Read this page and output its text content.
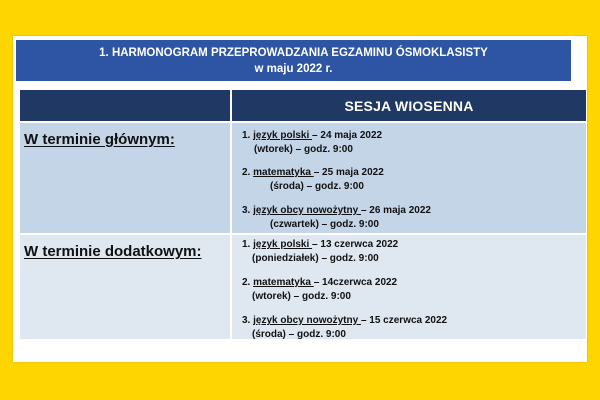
1. HARMONOGRAM PRZEPROWADZANIA EGZAMINU ÓSMOKLASISTY
w maju 2022 r.
SESJA WIOSENNA
W terminie głównym:	1. język polski – 24 maja 2022
(wtorek) – godz. 9:00
2. matematyka – 25 maja 2022
(środa) – godz. 9:00
3. język obcy nowożytny – 26 maja 2022
(czwartek) – godz. 9:00
W terminie dodatkowym:	1. język polski – 13 czerwca 2022
(poniedziałek) – godz. 9:00
2. matematyka – 14czerwca 2022
(wtorek) – godz. 9:00
3. język obcy nowożytny – 15 czerwca 2022
(środa) – godz. 9:00
